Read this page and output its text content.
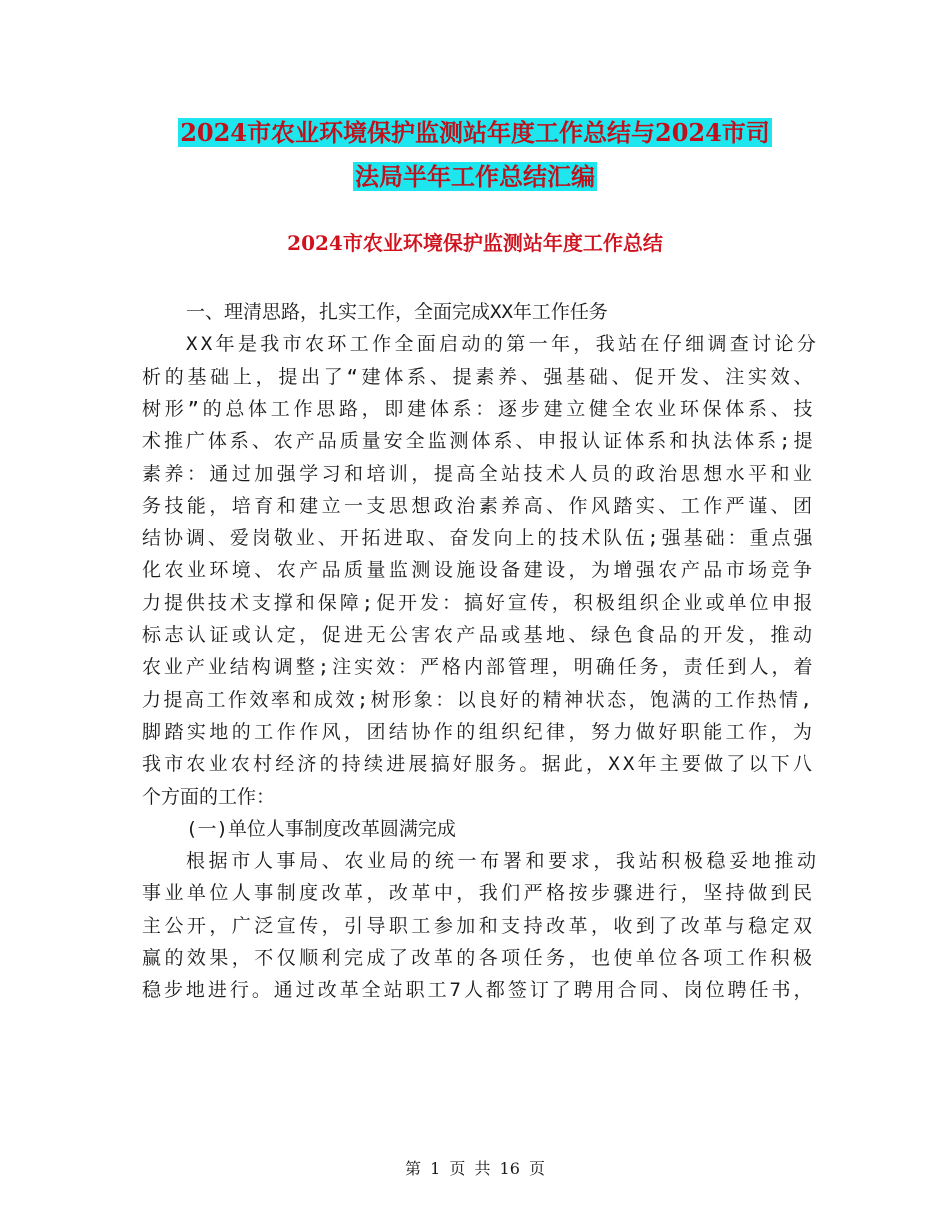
2024市农业环境保护监测站年度工作总结与2024市司
法局半年工作总结汇编
2024市农业环境保护监测站年度工作总结
一、理清思路，扎实工作，全面完成XX年工作任务
XX年是我市农环工作全面启动的第一年，我站在仔细调查讨论分
析的基础上，提出了“建体系、提素养、强基础、促开发、注实效、
树形”的总体工作思路，即建体系：逐步建立健全农业环保体系、技
术推广体系、农产品质量安全监测体系、申报认证体系和执法体系;提
素养：通过加强学习和培训，提高全站技术人员的政治思想水平和业
务技能，培育和建立一支思想政治素养高、作风踏实、工作严谨、团
结协调、爱岗敬业、开拓进取、奋发向上的技术队伍;强基础：重点强
化农业环境、农产品质量监测设施设备建设，为增强农产品市场竞争
力提供技术支撑和保障;促开发：搞好宣传，积极组织企业或单位申报
标志认证或认定，促进无公害农产品或基地、绿色食品的开发，推动
农业产业结构调整;注实效：严格内部管理，明确任务，责任到人，着
力提高工作效率和成效;树形象：以良好的精神状态，饱满的工作热情,
脚踏实地的工作作风，团结协作的组织纪律，努力做好职能工作，为
我市农业农村经济的持续进展搞好服务。据此，XX年主要做了以下八
个方面的工作：
(一)单位人事制度改革圆满完成
根据市人事局、农业局的统一布署和要求，我站积极稳妥地推动
事业单位人事制度改革，改革中，我们严格按步骤进行，坚持做到民
主公开，广泛宣传，引导职工参加和支持改革，收到了改革与稳定双
赢的效果，不仅顺利完成了改革的各项任务，也使单位各项工作积极
稳步地进行。通过改革全站职工7人都签订了聘用合同、岗位聘任书，
第 1 页 共 16 页
